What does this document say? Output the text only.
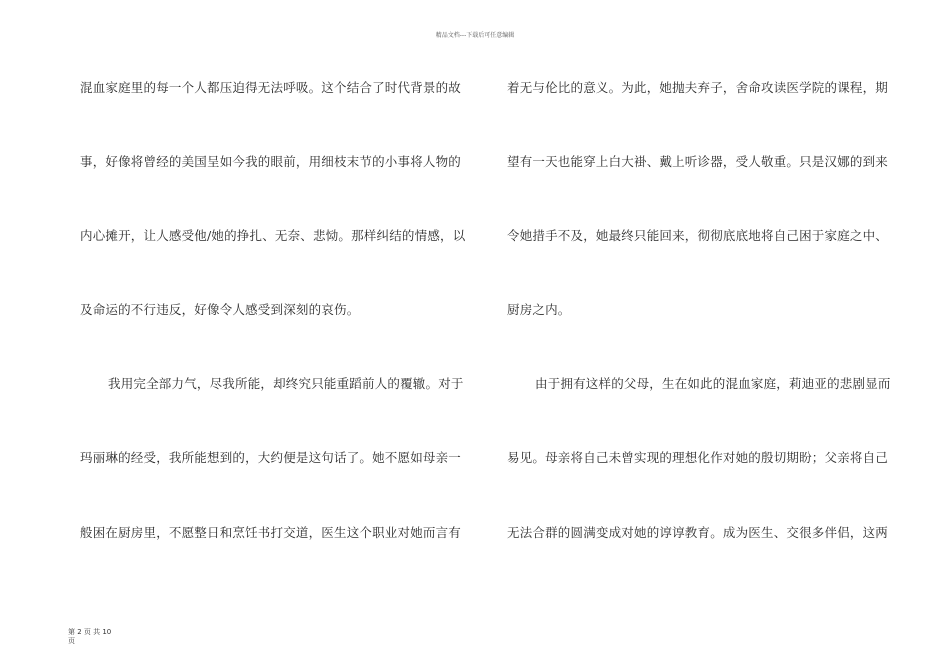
精品文档---下载后可任意编辑
混血家庭里的每一个人都压迫得无法呼吸。这个结合了时代背景的故
事，好像将曾经的美国呈如今我的眼前，用细枝末节的小事将人物的
内心摊开，让人感受他/她的挣扎、无奈、悲恸。那样纠结的情感，以
及命运的不行违反，好像令人感受到深刻的哀伤。
我用完全部力气，尽我所能，却终究只能重蹈前人的覆辙。对于
玛丽琳的经受，我所能想到的，大约便是这句话了。她不愿如母亲一
般困在厨房里，不愿整日和烹饪书打交道，医生这个职业对她而言有
着无与伦比的意义。为此，她抛夫弃子，舍命攻读医学院的课程，期
望有一天也能穿上白大褂、戴上听诊器，受人敬重。只是汉娜的到来
令她措手不及，她最终只能回来，彻彻底底地将自己困于家庭之中、
厨房之内。
由于拥有这样的父母，生在如此的混血家庭，莉迪亚的悲剧显而
易见。母亲将自己未曾实现的理想化作对她的殷切期盼；父亲将自己
无法合群的圆满变成对她的谆谆教育。成为医生、交很多伴侣，这两
第 2 页 共 10
页
